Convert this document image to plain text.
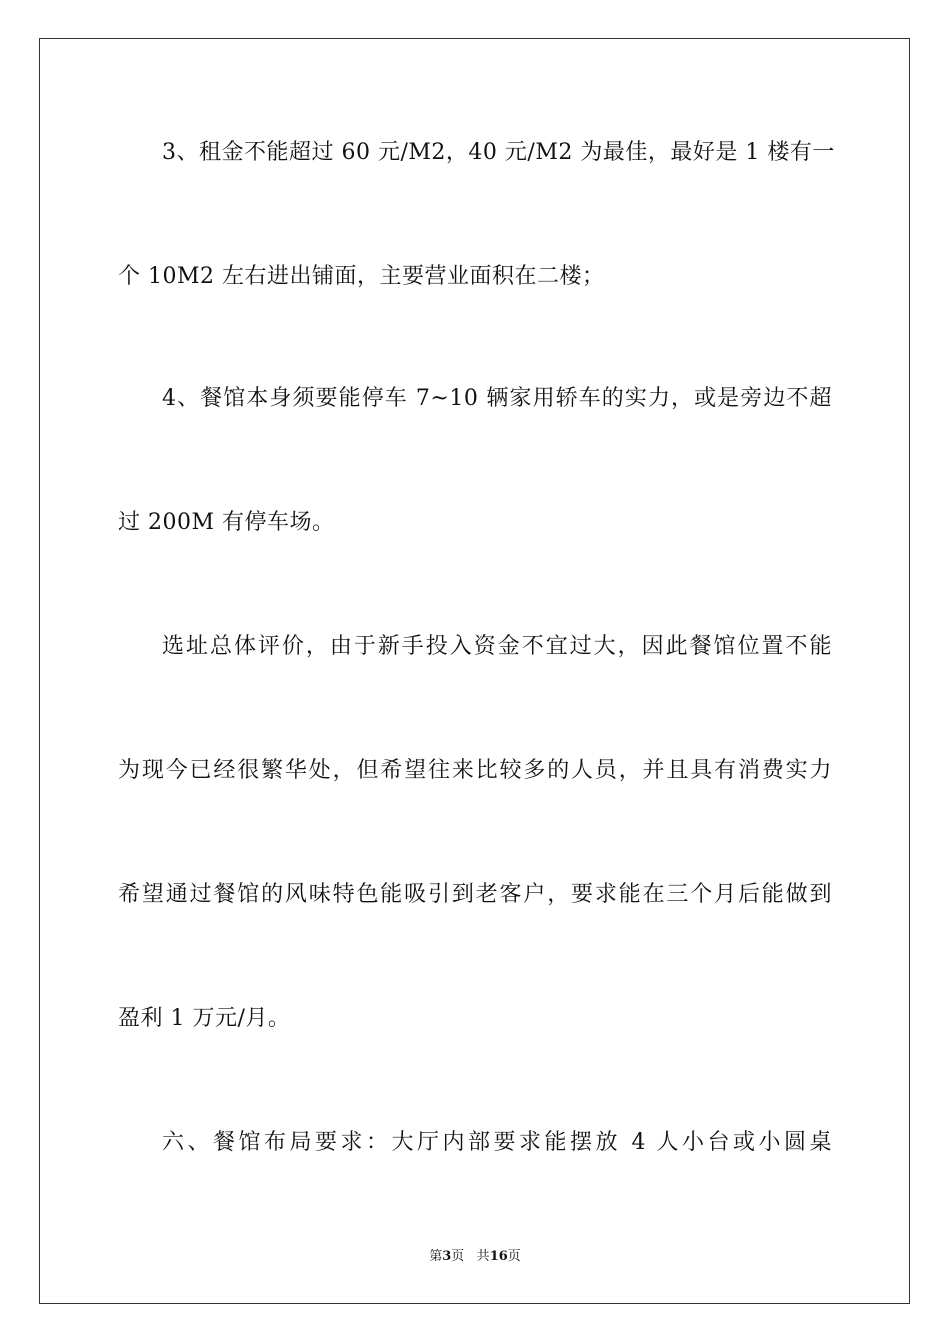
3、租金不能超过 60 元/M2，40 元/M2 为最佳，最好是 1 楼有一
个 10M2 左右进出铺面，主要营业面积在二楼；
4、餐馆本身须要能停车 7~10 辆家用轿车的实力，或是旁边不超
过 200M 有停车场。
选址总体评价，由于新手投入资金不宜过大，因此餐馆位置不能
为现今已经很繁华处，但希望往来比较多的人员，并且具有消费实力
希望通过餐馆的风味特色能吸引到老客户，要求能在三个月后能做到
盈利 1 万元/月。
六、餐馆布局要求：大厅内部要求能摆放 4 人小台或小圆桌
第3页 共16页
